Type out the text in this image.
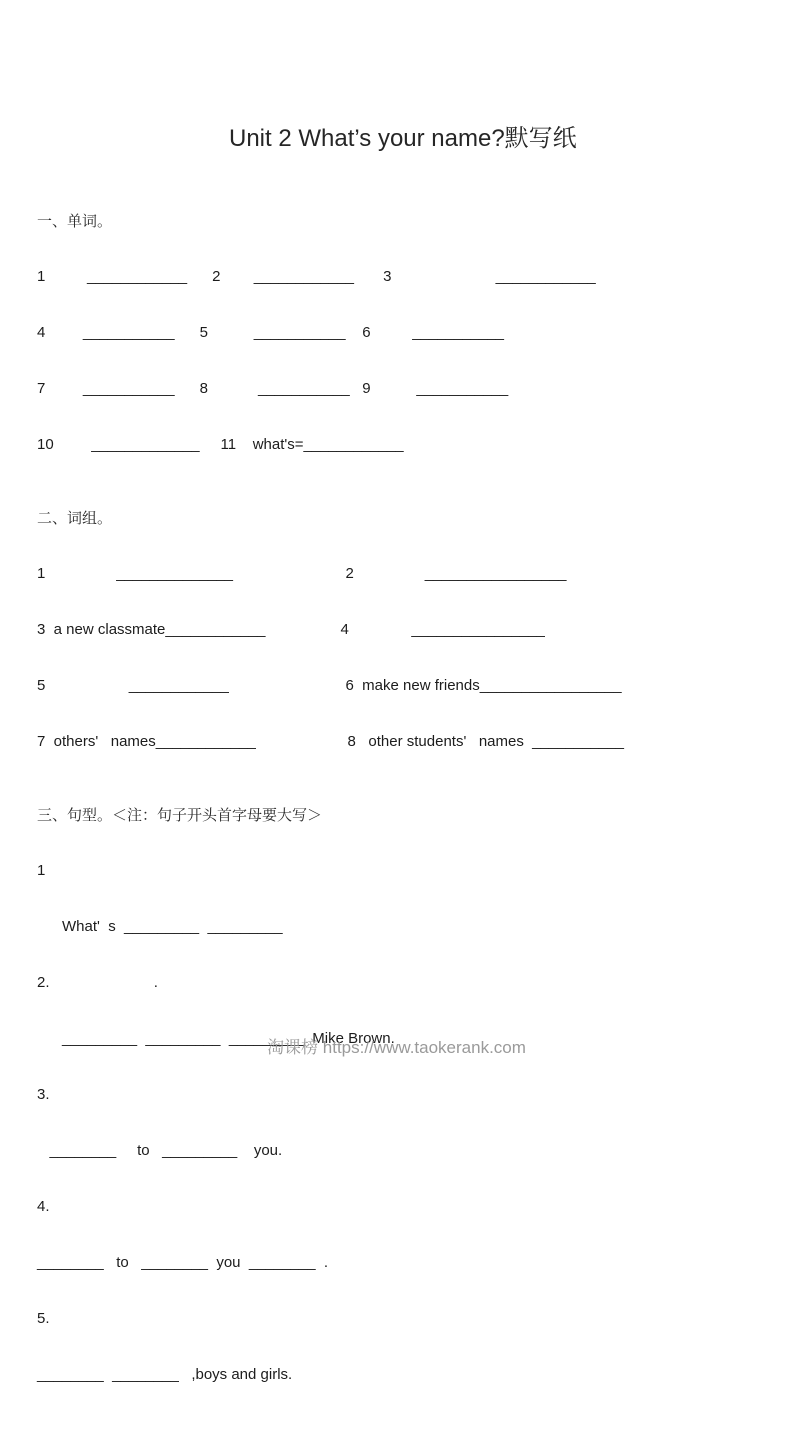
Unit 2 What’s your name?默写纸

一、单词。

1          ____________      2        ____________       3                         ____________

4         ___________      5           ___________    6          ___________

7         ___________      8            ___________   9           ___________

10         _____________     11    what's=____________

二、词组。

1                 ______________                           2                 _________________

3  a new classmate____________                  4               ________________

5                    ____________                            6  make new friends_________________

7  others'   names____________                      8   other students'   names  ___________

三、句型。＜注：句子开头首字母要大写＞

1

What'  s  _________  _________

2.                         .

_________  _________  _________  Mike Brown.

3.

________     to   _________    you.

4.

________   to   ________  you  ________  .

5.

________  ________   ,boys and girls.

淘课榜 https://www.taokerank.com
